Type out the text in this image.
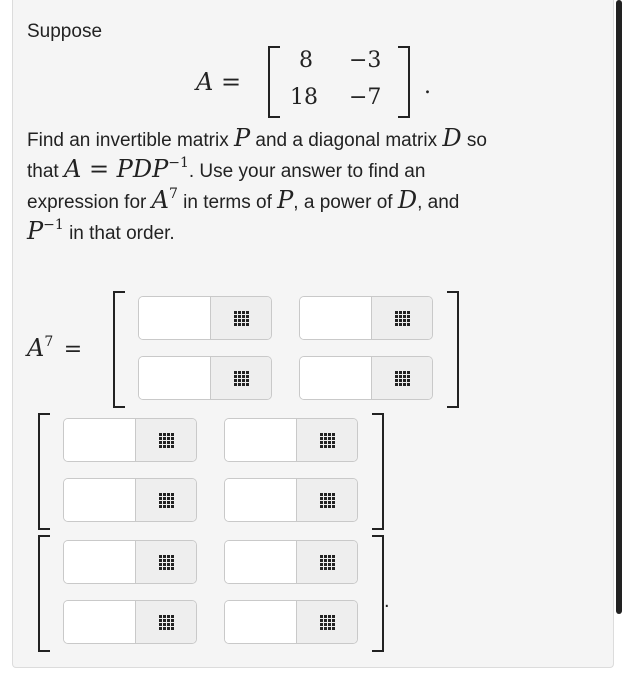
Suppose
A =
8 −3
18 −7 .
Find an invertible matrix P and a diagonal matrix D so
that $A = PDP^{-1}$. Use your answer to find an
expression for $A^7$ in terms of P, a power of D, and
$P^{-1}$ in that order.
$A^7$ =
.
